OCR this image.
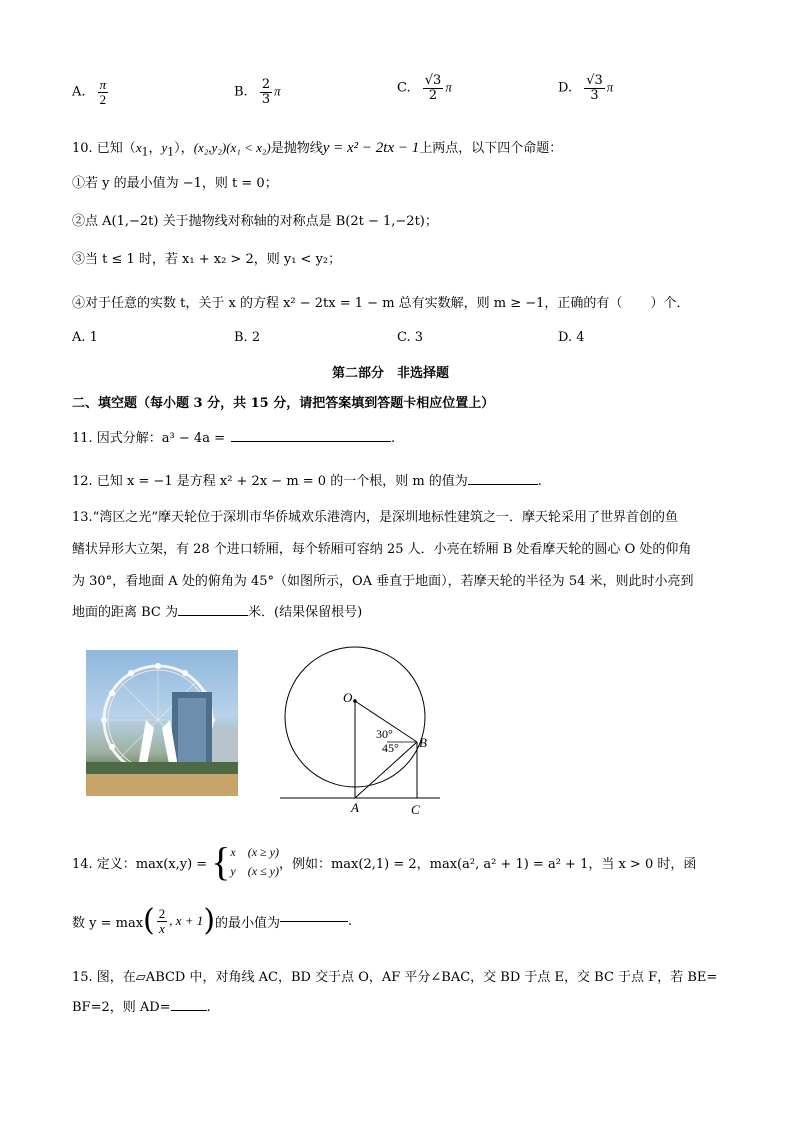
A. $\frac{\pi}{2}$	B. $\frac{2}{3}$ π	C. $\frac{√3}{2}$ π	D. $\frac{√3}{3}$ π
10. 已知（$x_1$，$y_1$），(x₂,y₂)(x₁ < x₂)是抛物线y = x² − 2tx − 1上两点，以下四个命题：
①若 y 的最小值为 −1，则 t = 0；
②点 A(1,−2t) 关于抛物线对称轴的对称点是 B(2t − 1,−2t)；
③当 t ≤ 1 时，若 x₁ + x₂ > 2，则 y₁ < y₂；
④对于任意的实数 t，关于 x 的方程 x² − 2tx = 1 − m 总有实数解，则 m ≥ −1，正确的有（ ）个．
A. 1	B. 2	C. 3	D. 4
第二部分　非选择题
二、填空题（每小题 3 分，共 15 分，请把答案填到答题卡相应位置上）
11. 因式分解：a³ − 4a =	.
12. 已知 x = −1 是方程 x² + 2x − m = 0 的一个根，则 m 的值为	.
13.“湾区之光”摩天轮位于深圳市华侨城欢乐港湾内，是深圳地标性建筑之一．摩天轮采用了世界首创的鱼
鳍状异形大立架，有 28 个进口轿厢，每个轿厢可容纳 25 人．小亮在轿厢 B 处看摩天轮的圆心 O 处的仰角
为 30°，看地面 A 处的俯角为 45°（如图所示，OA 垂直于地面），若摩天轮的半径为 54 米，则此时小亮到
地面的距离 BC 为	米．(结果保留根号)
O
A
B
C
30°
45°
14. 定义：max(x,y) = { x　(x ≥ y)
y　(x ≤ y) ，例如：max(2,1) = 2，max(a², a² + 1) = a² + 1，当 x > 0 时，函
数 y = max ( $\frac{2}{x}$ , x + 1 ) 的最小值为	.
15. 图，在▱ABCD 中，对角线 AC，BD 交于点 O，AF 平分∠BAC，交 BD 于点 E，交 BC 于点 F，若 BE=
BF=2，则 AD=	.
